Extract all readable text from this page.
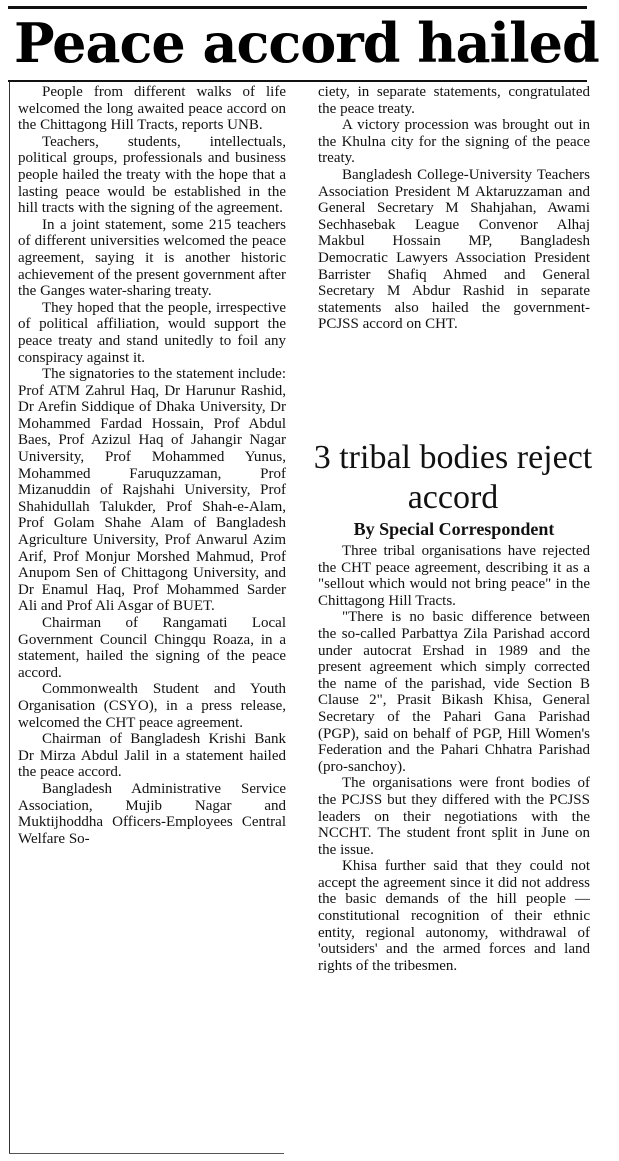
Peace accord hailed

People from different walks of life welcomed the long awaited peace accord on the Chittagong Hill Tracts, reports UNB.

Teachers, students, intellectuals, political groups, professionals and business people hailed the treaty with the hope that a lasting peace would be established in the hill tracts with the signing of the agreement.

In a joint statement, some 215 teachers of different universities welcomed the peace agreement, saying it is another historic achievement of the present government after the Ganges water-sharing treaty.

They hoped that the people, irrespective of political affiliation, would support the peace treaty and stand unitedly to foil any conspiracy against it.

The signatories to the statement include: Prof ATM Zahrul Haq, Dr Harunur Rashid, Dr Arefin Siddique of Dhaka University, Dr Mohammed Fardad Hossain, Prof Abdul Baes, Prof Azizul Haq of Jahangir Nagar University, Prof Mohammed Yunus, Mohammed Faruquzzaman, Prof Mizanuddin of Rajshahi University, Prof Shahidullah Talukder, Prof Shah-e-Alam, Prof Golam Shahe Alam of Bangladesh Agriculture University, Prof Anwarul Azim Arif, Prof Monjur Morshed Mahmud, Prof Anupom Sen of Chittagong University, and Dr Enamul Haq, Prof Mohammed Sarder Ali and Prof Ali Asgar of BUET.

Chairman of Rangamati Local Government Council Chingqu Roaza, in a statement, hailed the signing of the peace accord.

Commonwealth Student and Youth Organisation (CSYO), in a press release, welcomed the CHT peace agreement.

Chairman of Bangladesh Krishi Bank Dr Mirza Abdul Jalil in a statement hailed the peace accord.

Bangladesh Administrative Service Association, Mujib Nagar and Muktijhoddha Officers-Employees Central Welfare So-

ciety, in separate statements, congratulated the peace treaty.

A victory procession was brought out in the Khulna city for the signing of the peace treaty.

Bangladesh College-University Teachers Association President M Aktaruzzaman and General Secretary M Shahjahan, Awami Sechhasebak League Convenor Alhaj Makbul Hossain MP, Bangladesh Democratic Lawyers Association President Barrister Shafiq Ahmed and General Secretary M Abdur Rashid in separate statements also hailed the government-PCJSS accord on CHT.

3 tribal bodies reject accord
By Special Correspondent

Three tribal organisations have rejected the CHT peace agreement, describing it as a "sellout which would not bring peace" in the Chittagong Hill Tracts.

"There is no basic difference between the so-called Parbattya Zila Parishad accord under autocrat Ershad in 1989 and the present agreement which simply corrected the name of the parishad, vide Section B Clause 2", Prasit Bikash Khisa, General Secretary of the Pahari Gana Parishad (PGP), said on behalf of PGP, Hill Women's Federation and the Pahari Chhatra Parishad (pro-sanchoy).

The organisations were front bodies of the PCJSS but they differed with the PCJSS leaders on their negotiations with the NCCHT. The student front split in June on the issue.

Khisa further said that they could not accept the agreement since it did not address the basic demands of the hill people — constitutional recognition of their ethnic entity, regional autonomy, withdrawal of 'outsiders' and the armed forces and land rights of the tribesmen.
